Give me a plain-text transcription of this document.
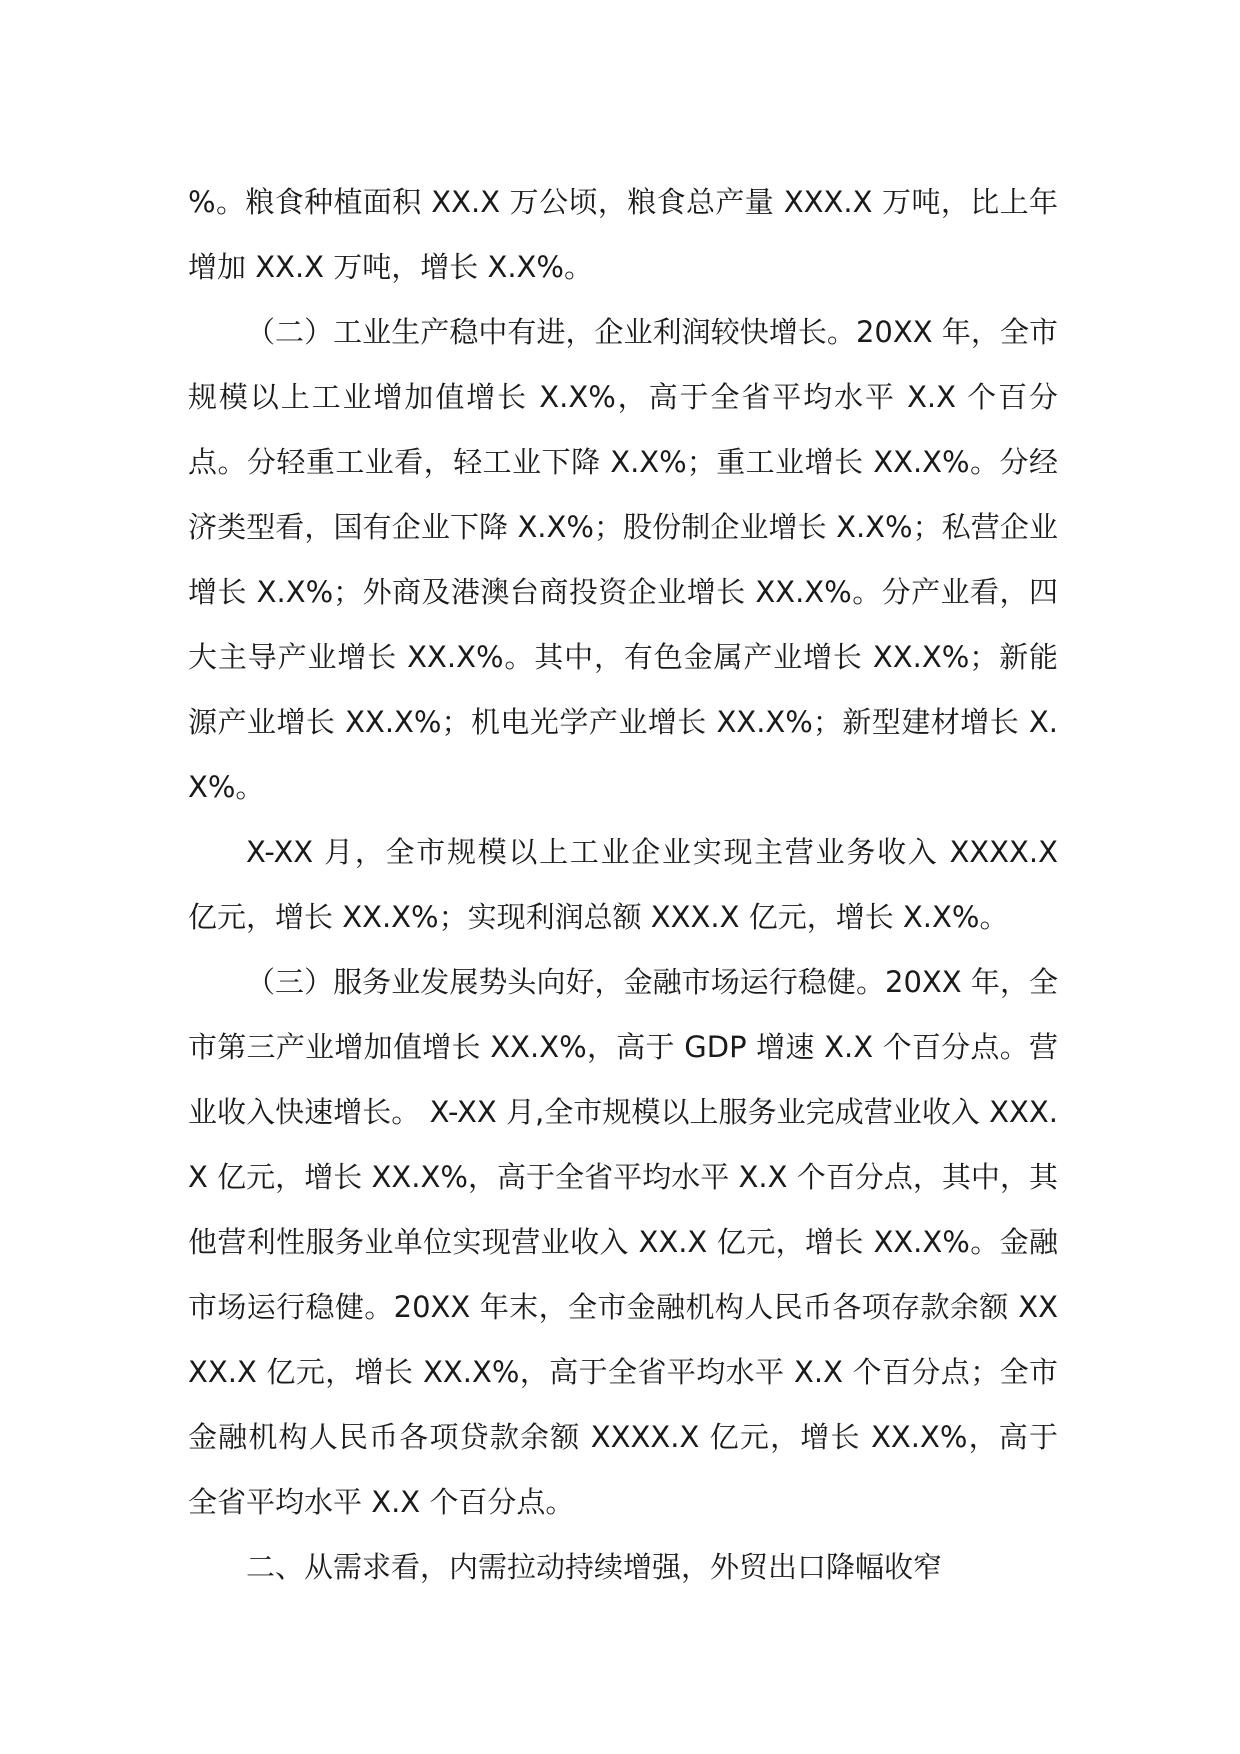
%。粮食种植面积 XX.X 万公顷，粮食总产量 XXX.X 万吨，比上年增加 XX.X 万吨，增长 X.X%。

（二）工业生产稳中有进，企业利润较快增长。20XX 年，全市规模以上工业增加值增长 X.X%，高于全省平均水平 X.X 个百分点。分轻重工业看，轻工业下降 X.X%；重工业增长 XX.X%。分经济类型看，国有企业下降 X.X%；股份制企业增长 X.X%；私营企业增长 X.X%；外商及港澳台商投资企业增长 XX.X%。分产业看，四大主导产业增长 XX.X%。其中，有色金属产业增长 XX.X%；新能源产业增长 XX.X%；机电光学产业增长 XX.X%；新型建材增长 X.X%。

X-XX 月，全市规模以上工业企业实现主营业务收入 XXXX.X 亿元，增长 XX.X%；实现利润总额 XXX.X 亿元，增长 X.X%。

（三）服务业发展势头向好，金融市场运行稳健。20XX 年，全市第三产业增加值增长 XX.X%，高于 GDP 增速 X.X 个百分点。营业收入快速增长。 X-XX 月,全市规模以上服务业完成营业收入 XXX.X 亿元，增长 XX.X%，高于全省平均水平 X.X 个百分点，其中，其他营利性服务业单位实现营业收入 XX.X 亿元，增长 XX.X%。金融市场运行稳健。20XX 年末，全市金融机构人民币各项存款余额 XXXX.X 亿元，增长 XX.X%，高于全省平均水平 X.X 个百分点；全市金融机构人民币各项贷款余额 XXXX.X 亿元，增长 XX.X%，高于全省平均水平 X.X 个百分点。

二、从需求看，内需拉动持续增强，外贸出口降幅收窄
